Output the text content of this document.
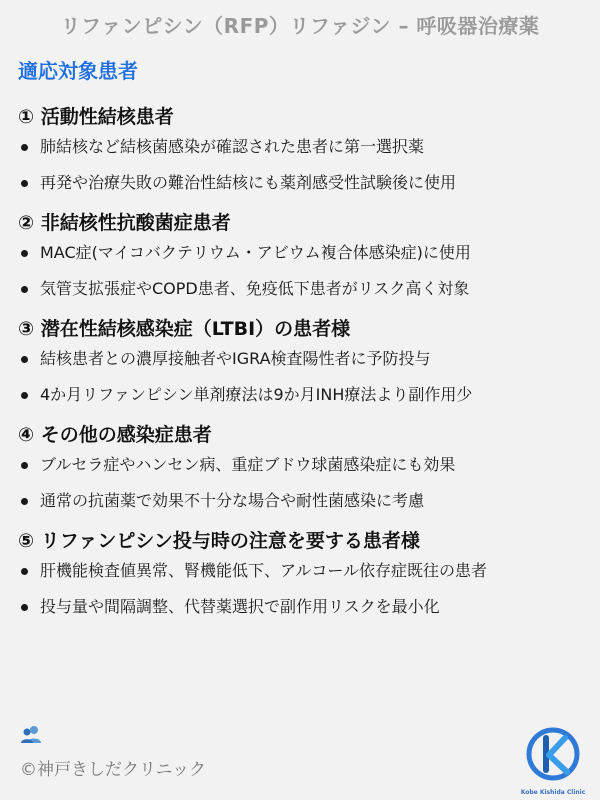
リファンピシン（RFP）リファジン – 呼吸器治療薬
適応対象患者
① 活動性結核患者
肺結核など結核菌感染が確認された患者に第一選択薬
再発や治療失敗の難治性結核にも薬剤感受性試験後に使用
② 非結核性抗酸菌症患者
MAC症(マイコバクテリウム・アビウム複合体感染症)に使用
気管支拡張症やCOPD患者、免疫低下患者がリスク高く対象
③ 潜在性結核感染症（LTBI）の患者様
結核患者との濃厚接触者やIGRA検査陽性者に予防投与
4か月リファンピシン単剤療法は9か月INH療法より副作用少
④ その他の感染症患者
ブルセラ症やハンセン病、重症ブドウ球菌感染症にも効果
通常の抗菌薬で効果不十分な場合や耐性菌感染に考慮
⑤ リファンピシン投与時の注意を要する患者様
肝機能検査値異常、腎機能低下、アルコール依存症既往の患者
投与量や間隔調整、代替薬選択で副作用リスクを最小化
©神戸きしだクリニック
Kobe Kishida Clinic
